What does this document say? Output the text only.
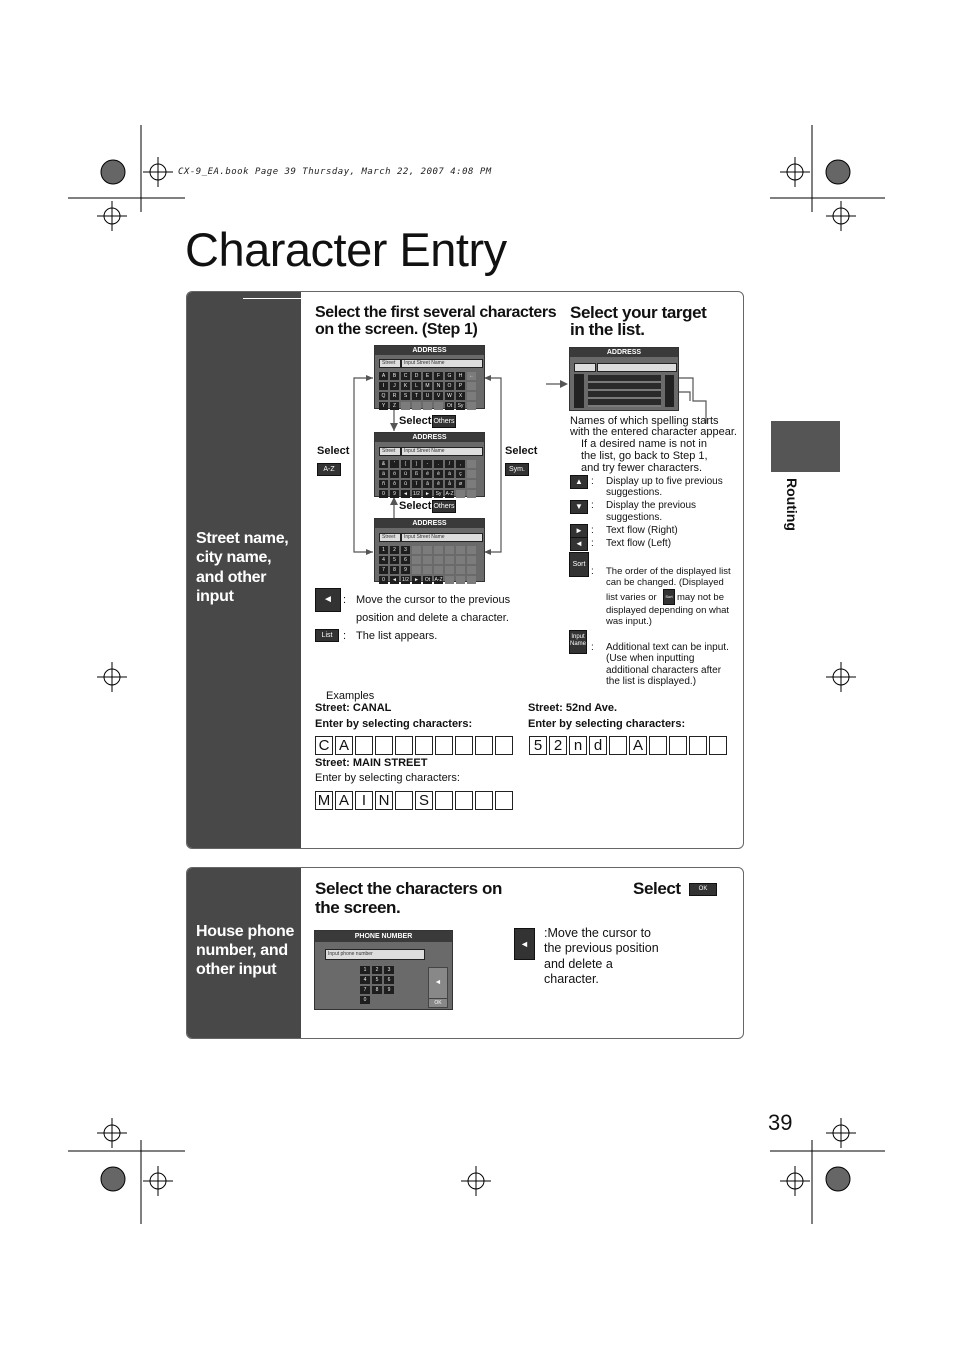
CX-9_EA.book Page 39 Thursday, March 22, 2007 4:08 PM
Character Entry
Routing
39
Street name,
city name,
and other
input
Select the first several characters
on the screen. (Step 1)
Select your target
in the list.
ADDRESS
Street	Input Street Name
A	B	C	D	E	F	G	H	←
I	J	K	L	M	N	O	P
Q	R	S	T	U	V	W	X
Y	Z	Ot	Sy
Select Others
Select
A-Z
Select
Sym.
ADDRESS
Street	Input Street Name
&	'	(	)	-	.	/	,
ä	ö	ü	ß	é	è	à	ç
ñ	ô	û	î	â	ê	å	ø
0	9	◄	1/2	►	Sy A-Z
Select Others
ADDRESS
Street	Input Street Name
1	2	3
4	5	6
7	8	9
0	◄	1/2	►	Ot A-Z
◄ : Move the cursor to the previous
position and delete a character.
List : The list appears.
ADDRESS
Names of which spelling starts
with the entered character appear.
If a desired name is not in
the list, go back to Step 1,
and try fewer characters.
▲ : Display up to five previous
suggestions.
▼ : Display the previous
suggestions.
► : Text flow (Right)
◄ : Text flow (Left)
Sort
: The order of the displayed list
can be changed. (Displayed
list varies or	Sort may not be
displayed depending on what
was input.)
Input Name : Additional text can be input.
(Use when inputting
additional characters after
the list is displayed.)
Examples
Street: CANAL
Enter by selecting characters:
C A
Street: 52nd Ave.
Enter by selecting characters:
5 2 n d	A
Street: MAIN STREET
Enter by selecting characters:
M A I N S
House phone
number, and
other input
Select the characters on
the screen.
Select	OK
PHONE NUMBER
Input phone number
1	2	3
4	5	6
7	8	9
0
◄
OK
◄
:Move the cursor to
the previous position
and delete a
character.
